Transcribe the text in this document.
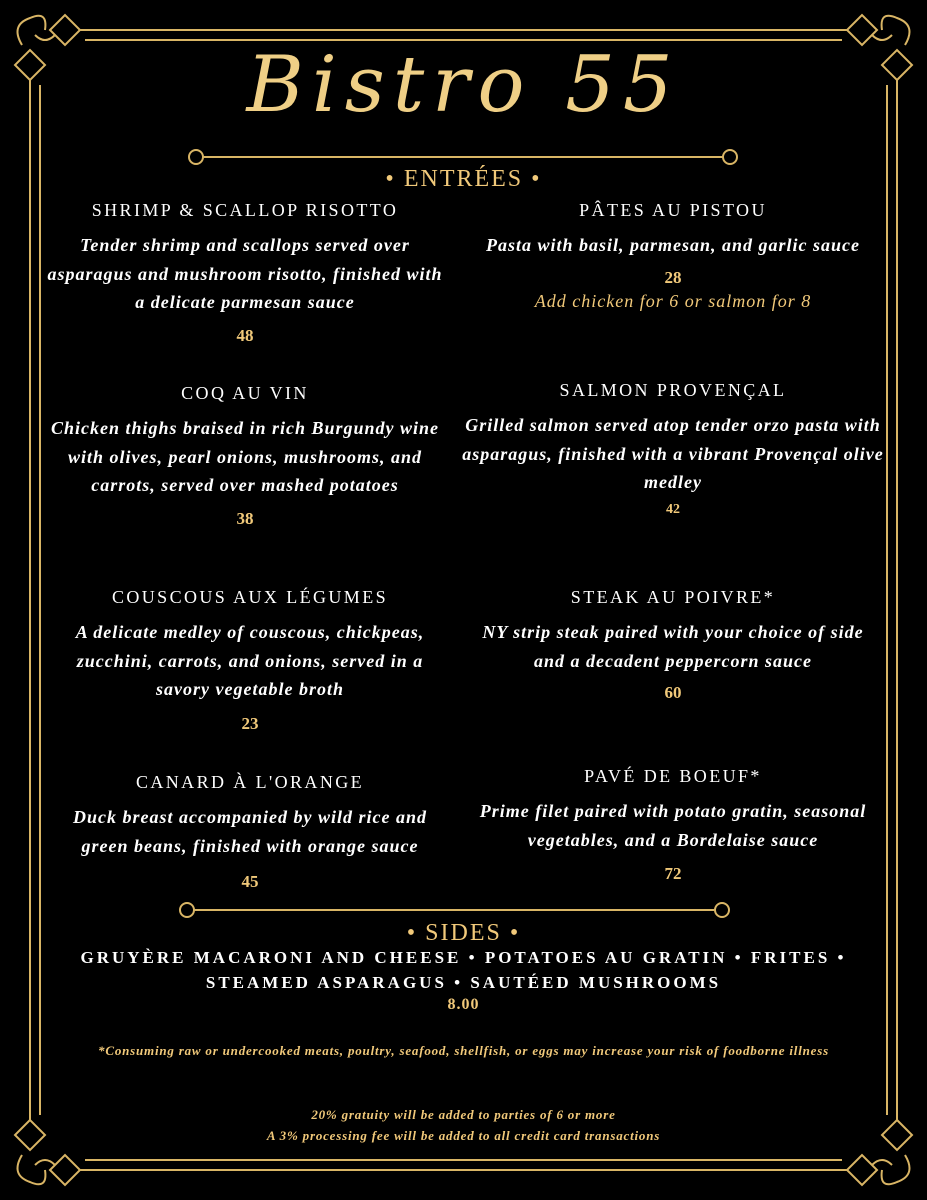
Bistro 55
• ENTRÉES •
SHRIMP & SCALLOP RISOTTO
Tender shrimp and scallops served over asparagus and mushroom risotto, finished with a delicate parmesan sauce
48
PÂTES AU PISTOU
Pasta with basil, parmesan, and garlic sauce
28
Add chicken for 6 or salmon for 8
COQ AU VIN
Chicken thighs braised in rich Burgundy wine with olives, pearl onions, mushrooms, and carrots, served over mashed potatoes
38
SALMON PROVENÇAL
Grilled salmon served atop tender orzo pasta with asparagus, finished with a vibrant Provençal olive medley
42
COUSCOUS AUX LÉGUMES
A delicate medley of couscous, chickpeas, zucchini, carrots, and onions, served in a savory vegetable broth
23
STEAK AU POIVRE*
NY strip steak paired with your choice of side and a decadent peppercorn sauce
60
CANARD À L'ORANGE
Duck breast accompanied by wild rice and green beans, finished with orange sauce
45
PAVÉ DE BOEUF*
Prime filet paired with potato gratin, seasonal vegetables, and a Bordelaise sauce
72
• SIDES •
GRUYÈRE MACARONI AND CHEESE • POTATOES AU GRATIN • FRITES •
STEAMED ASPARAGUS • SAUTÉED MUSHROOMS
8.00
*Consuming raw or undercooked meats, poultry, seafood, shellfish, or eggs may increase your risk of foodborne illness
20% gratuity will be added to parties of 6 or more
A 3% processing fee will be added to all credit card transactions
